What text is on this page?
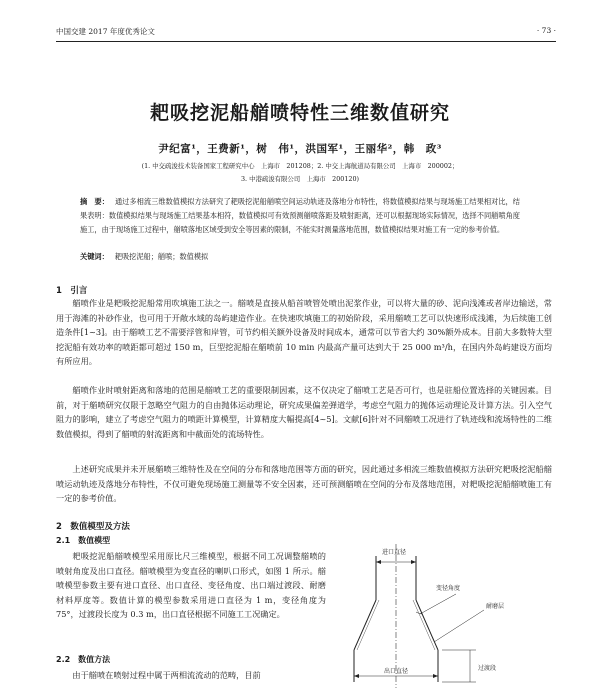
中国交建 2017 年度优秀论文	· 73 ·
耙吸挖泥船艏喷特性三维数值研究
尹纪富¹，王费新¹，树　伟¹，洪国军¹，王丽华²，韩　政³
(1. 中交疏浚技术装备国家工程研究中心　上海市　201208；2. 中交上海航道局有限公司　上海市　200002；
3. 中港疏浚有限公司　上海市　200120)
摘　要： 通过多相流三维数值模拟方法研究了耙吸挖泥船艏喷空间运动轨迹及落地分布特性，将数值模拟结果与现场施工结果相对比，结果表明：数值模拟结果与现场施工结果基本相符，数值模拟可有效预测艏喷落距及喷射距离，还可以根据现场实际情况，选择不同艏喷角度施工，由于现场施工过程中，艏喷落地区域受到安全等因素的限制，不能实时测量落地范围，数值模拟结果对施工有一定的参考价值。
关键词： 耙吸挖泥船；艏喷；数值模拟
1　引言
艏喷作业是耙吸挖泥船常用吹填施工法之一。艏喷是直接从船首喷管处喷出泥浆作业，可以将大量的砂、泥向浅滩或者岸边输送，常用于海滩的补砂作业，也可用于开敞水域的岛屿建造作业。在快速吹填施工的初始阶段，采用艏喷工艺可以快速形成浅滩，为后续施工创造条件[1~3]。由于艏喷工艺不需要浮管和岸管，可节约相关额外设备及时间成本，通常可以节省大约 30%额外成本。目前大多数特大型挖泥船有效功率的喷距都可超过 150 m，巨型挖泥船在艏喷前 10 min 内最高产量可达到大于 25 000 m³/h，在国内外岛屿建设方面均有所应用。
艏喷作业时喷射距离和落地的范围是艏喷工艺的重要限制因素，这不仅决定了艏喷工艺是否可行，也是驻船位置选择的关键因素。目前，对于艏喷研究仅限于忽略空气阻力的自由抛体运动理论，研究成果偏差弹道学，考虑空气阻力的抛体运动理论及计算方法。引入空气阻力的影响，建立了考虑空气阻力的喷距计算模型，计算精度大幅提高[4~5]。文献[6]针对不同艏喷工况进行了轨迹线和流场特性的二维数值模拟，得到了艏喷的射流距离和中截面处的流场特性。
上述研究成果并未开展艏喷三维特性及在空间的分布和落地范围等方面的研究，因此通过多相流三维数值模拟方法研究耙吸挖泥船艏喷运动轨迹及落地分布特性，不仅可避免现场施工测量等不安全因素，还可预测艏喷在空间的分布及落地范围，对耙吸挖泥船艏喷施工有一定的参考价值。
2　数值模型及方法
2.1　数值模型
耙吸挖泥船艏喷模型采用原比尺三维模型，根据不同工况调整艏喷的喷射角度及出口直径。艏喷模型为变直径的喇叭口形式，如图 1 所示。艏喷模型参数主要有进口直径、出口直径、变径角度、出口端过渡段、耐磨材料厚度等。数值计算的模型参数采用进口直径为 1 m，变径角度为 75°，过渡段长度为 0.3 m，出口直径根据不同施工工况确定。
2.2　数值方法
由于艏喷在喷射过程中属于两相流流动的范畴，目前
变径角度
耐磨层
进口直径
出口直径	过渡段
